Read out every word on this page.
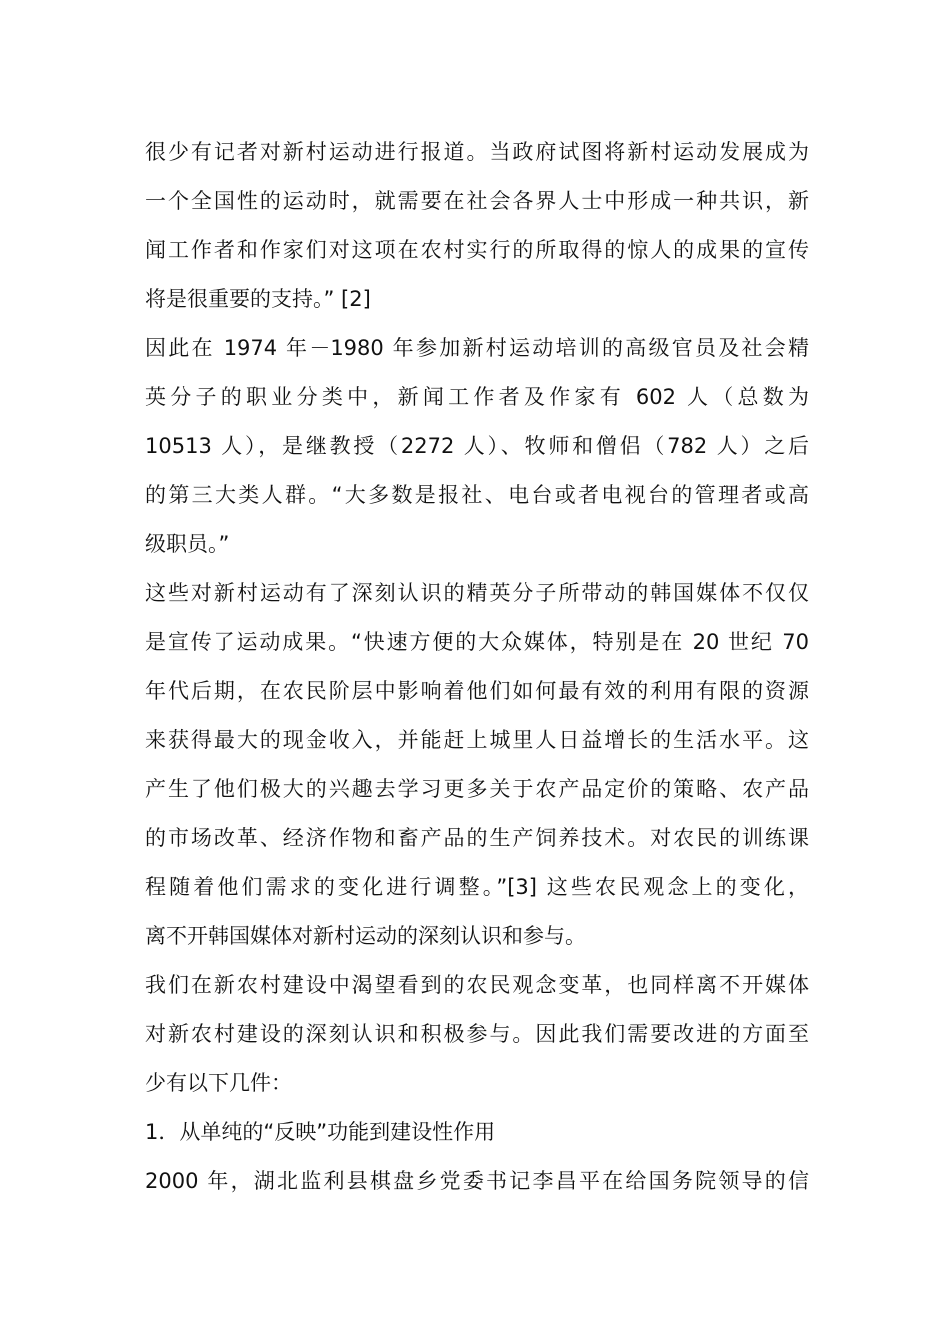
很少有记者对新村运动进行报道。当政府试图将新村运动发展成为
一个全国性的运动时，就需要在社会各界人士中形成一种共识，新
闻工作者和作家们对这项在农村实行的所取得的惊人的成果的宣传
将是很重要的支持。” [2]
因此在 1974 年－1980 年参加新村运动培训的高级官员及社会精
英分子的职业分类中，新闻工作者及作家有 602 人（总数为
10513 人），是继教授（2272 人）、牧师和僧侣（782 人）之后
的第三大类人群。“大多数是报社、电台或者电视台的管理者或高
级职员。”
这些对新村运动有了深刻认识的精英分子所带动的韩国媒体不仅仅
是宣传了运动成果。“快速方便的大众媒体，特别是在 20 世纪 70
年代后期，在农民阶层中影响着他们如何最有效的利用有限的资源
来获得最大的现金收入，并能赶上城里人日益增长的生活水平。这
产生了他们极大的兴趣去学习更多关于农产品定价的策略、农产品
的市场改革、经济作物和畜产品的生产饲养技术。对农民的训练课
程随着他们需求的变化进行调整。”[3] 这些农民观念上的变化，
离不开韩国媒体对新村运动的深刻认识和参与。
我们在新农村建设中渴望看到的农民观念变革，也同样离不开媒体
对新农村建设的深刻认识和积极参与。因此我们需要改进的方面至
少有以下几件：
1．从单纯的“反映”功能到建设性作用
2000 年，湖北监利县棋盘乡党委书记李昌平在给国务院领导的信
